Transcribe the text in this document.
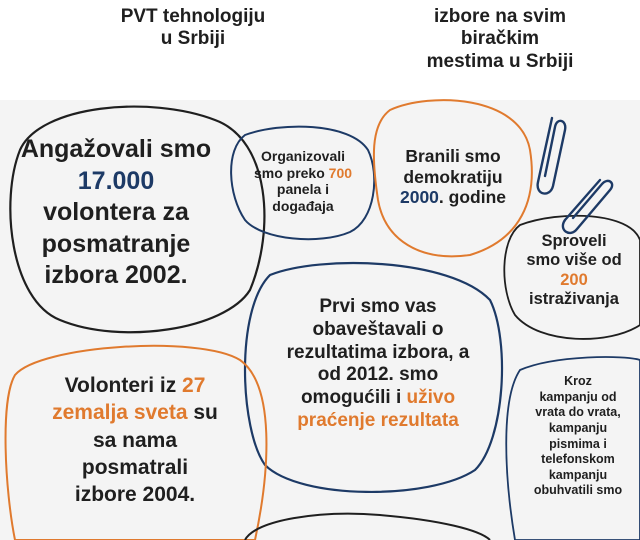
PVT tehnologiju
u Srbiji
izbore na svim
biračkim
mestima u Srbiji
Angažovali smo
17.000
volontera za
posmatranje
izbora 2002.
Organizovali
smo preko 700
panela i
događaja
Branili smo
demokratiju
2000. godine
Sproveli
smo više od
200
istraživanja
Prvi smo vas
obaveštavali o
rezultatima izbora, a
od 2012. smo
omogućili i uživo
praćenje rezultata
Volonteri iz 27
zemalja sveta su
sa nama
posmatrali
izbore 2004.
Kroz
kampanju od
vrata do vrata,
kampanju
pismima i
telefonskom
kampanju
obuhvatili smo
